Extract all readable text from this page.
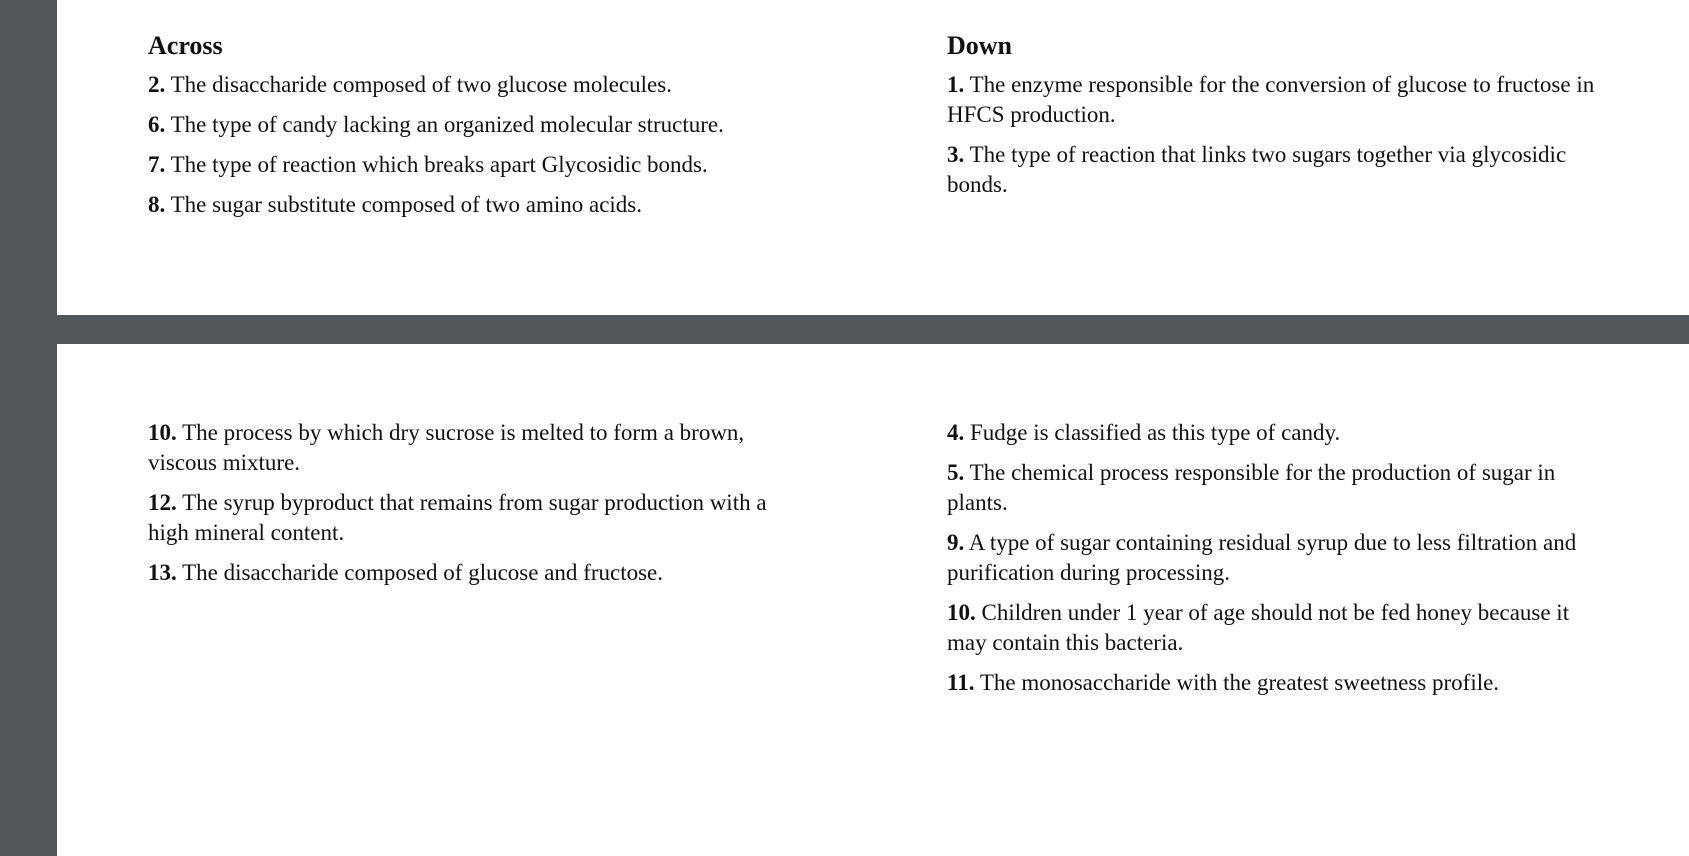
Across
2. The disaccharide composed of two glucose molecules.
6. The type of candy lacking an organized molecular structure.
7. The type of reaction which breaks apart Glycosidic bonds.
8. The sugar substitute composed of two amino acids.
Down
1. The enzyme responsible for the conversion of glucose to fructose in HFCS production.
3. The type of reaction that links two sugars together via glycosidic bonds.
10. The process by which dry sucrose is melted to form a brown, viscous mixture.
12. The syrup byproduct that remains from sugar production with a high mineral content.
13. The disaccharide composed of glucose and fructose.
4. Fudge is classified as this type of candy.
5. The chemical process responsible for the production of sugar in plants.
9. A type of sugar containing residual syrup due to less filtration and purification during processing.
10. Children under 1 year of age should not be fed honey because it may contain this bacteria.
11. The monosaccharide with the greatest sweetness profile.
